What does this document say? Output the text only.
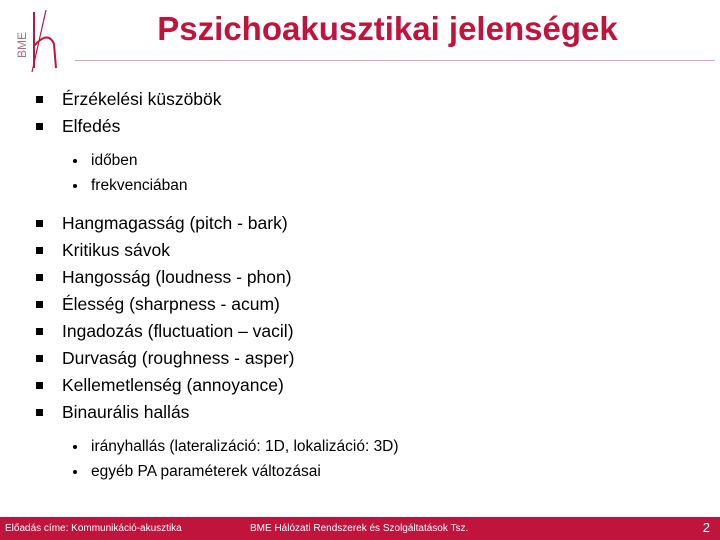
BME	Pszichoakusztikai jelenségek
Érzékelési küszöbök
Elfedés
időben
frekvenciában
Hangmagasság (pitch - bark)
Kritikus sávok
Hangosság (loudness - phon)
Élesség (sharpness - acum)
Ingadozás (fluctuation – vacil)
Durvaság (roughness - asper)
Kellemetlenség (annoyance)
Binaurális hallás
irányhallás (lateralizáció: 1D, lokalizáció: 3D)
egyéb PA paraméterek változásai
Előadás címe: Kommunikáció-akusztika	BME Hálózati Rendszerek és Szolgáltatások Tsz.	2
